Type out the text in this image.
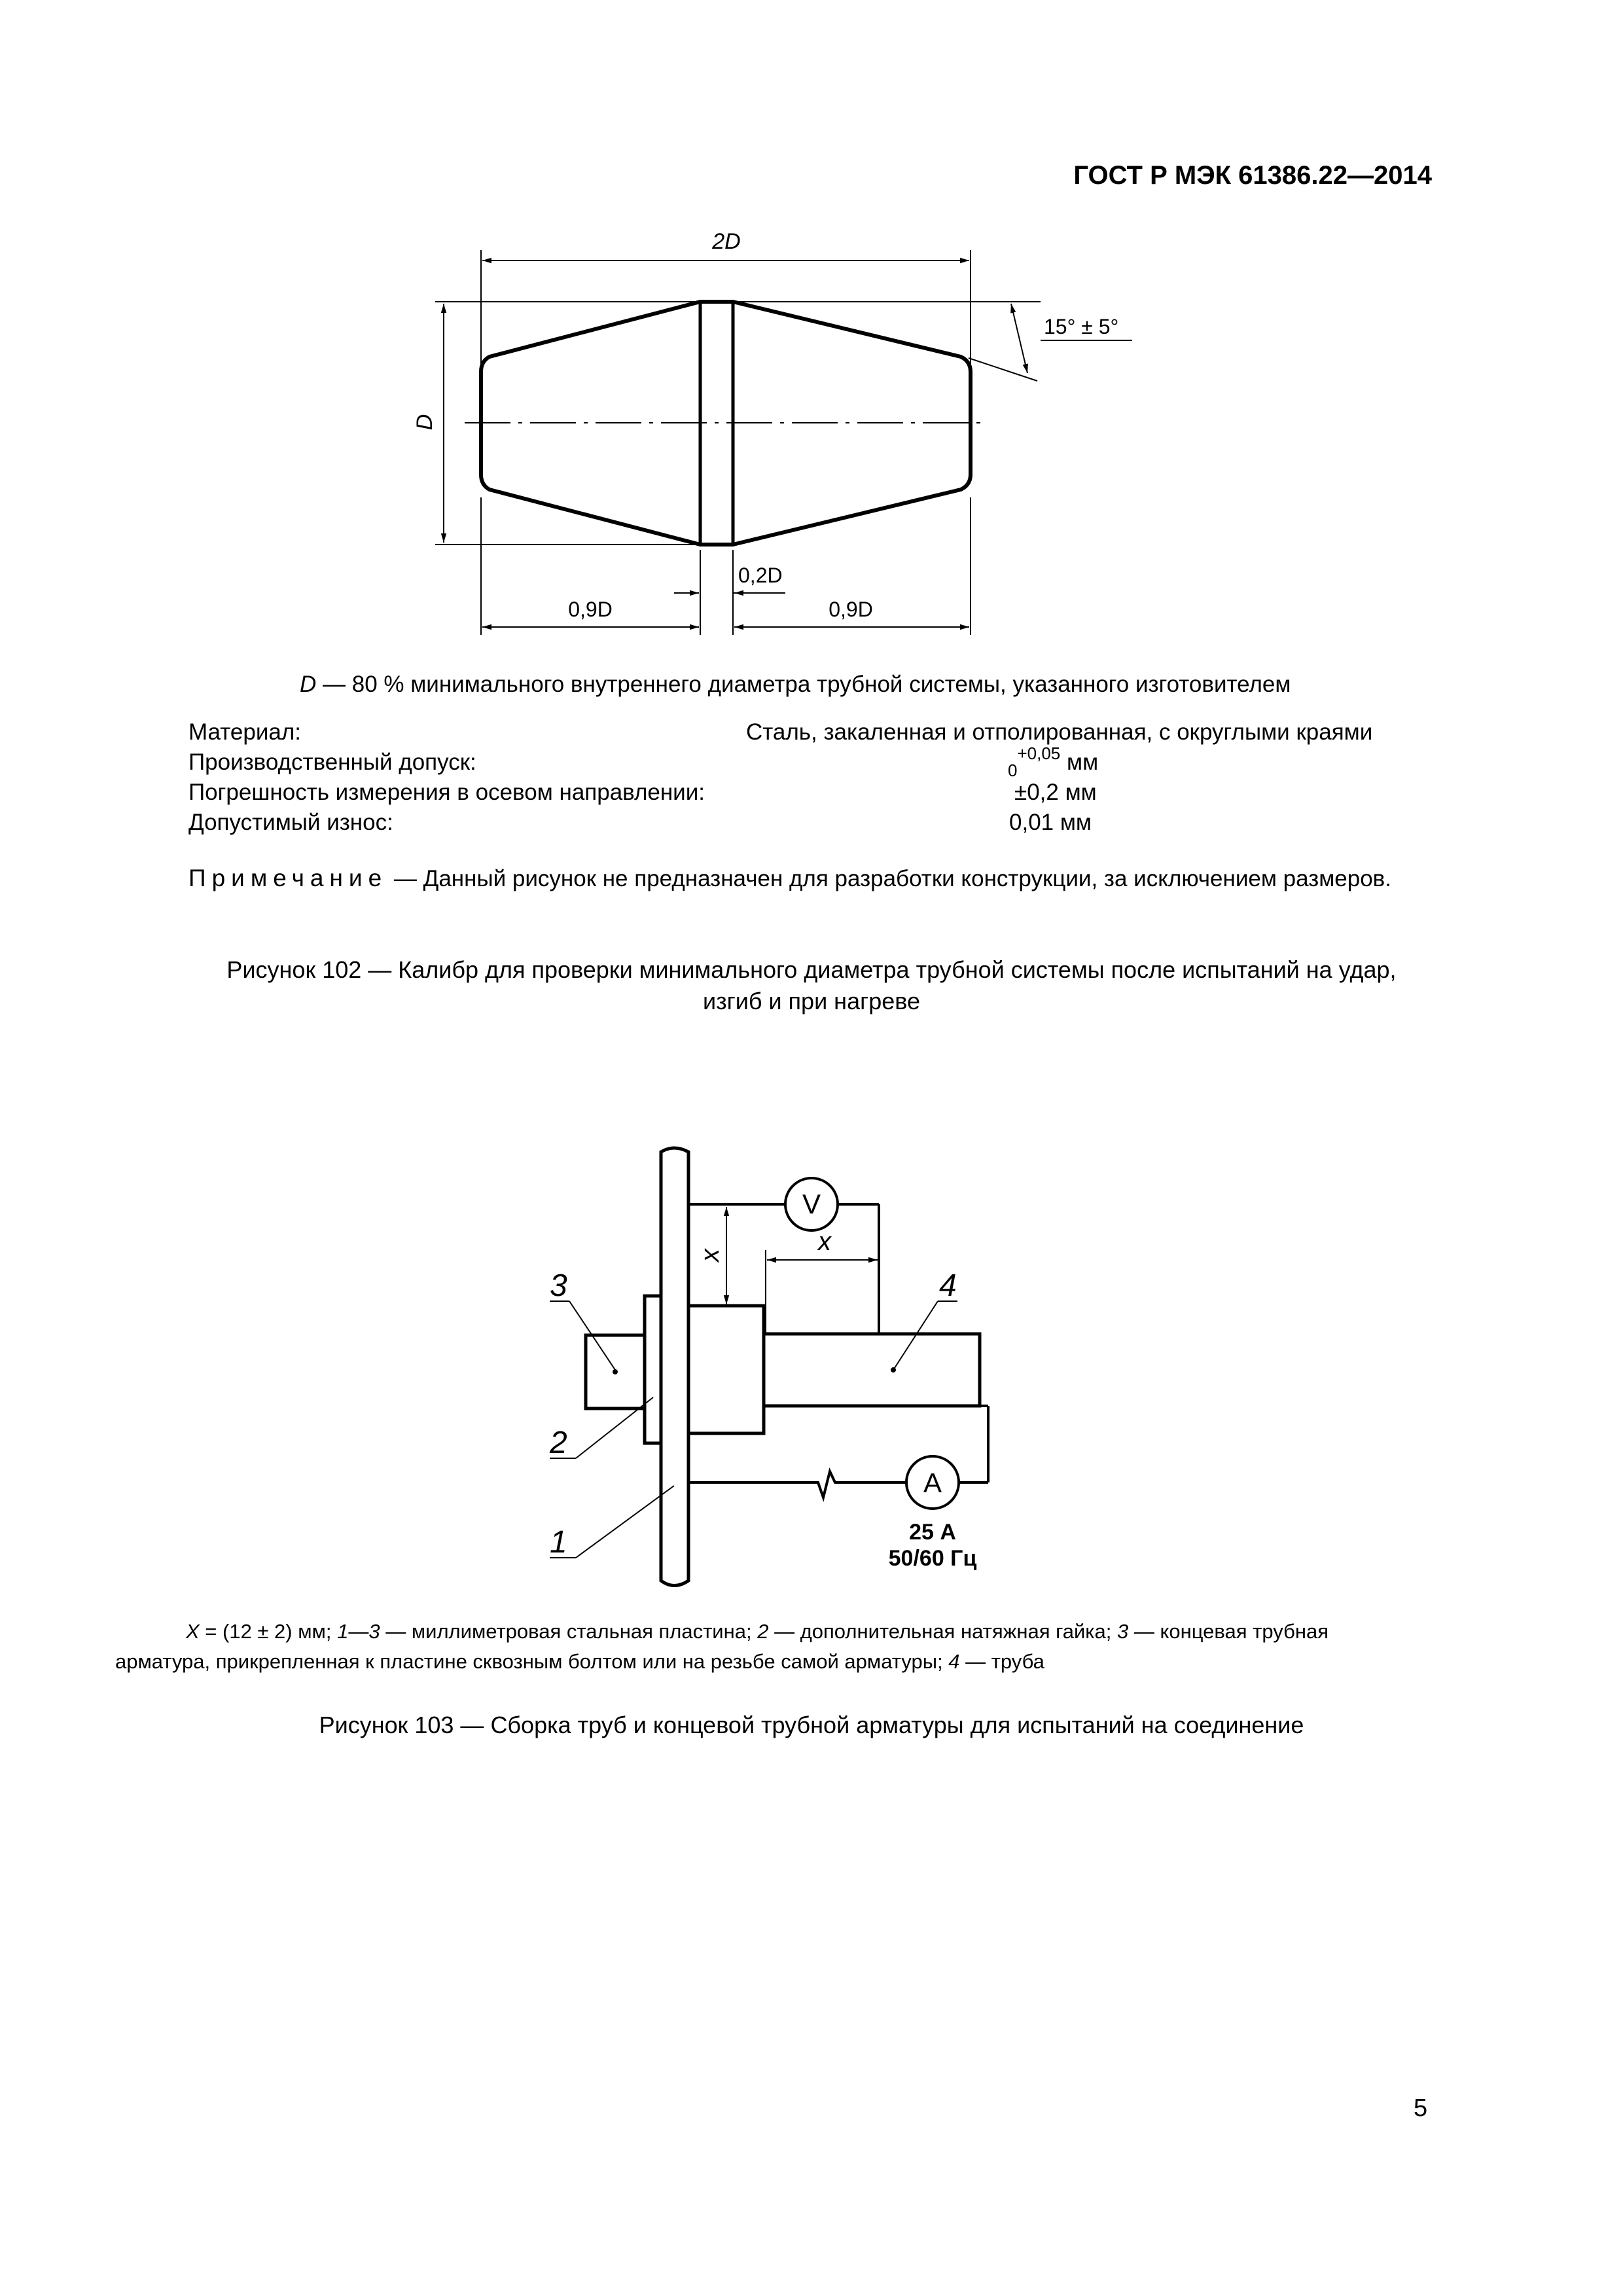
ГОСТ Р МЭК 61386.22—2014
2D
D
15° ± 5°
0,2D
0,9D	0,9D
D — 80 % минимального внутреннего диаметра трубной системы, указанного изготовителем
Материал:	Сталь, закаленная и отполированная, с округлыми краями
Производственный допуск:	$_0^{+0,05}$ мм
Погрешность измерения в осевом направлении:	±0,2 мм
Допустимый износ:	0,01 мм
Примечание — Данный рисунок не предназначен для разработки конструкции, за исключением размеров.
Рисунок 102 — Калибр для проверки минимального диаметра трубной системы после испытаний на удар,
изгиб и при нагреве
V
x	x
A
25 А
50/60 Гц
3
2
1
4
X = (12 ± 2) мм; 1—3 — миллиметровая стальная пластина; 2 — дополнительная натяжная гайка; 3 — концевая трубная
арматура, прикрепленная к пластине сквозным болтом или на резьбе самой арматуры; 4 — труба
Рисунок 103 — Сборка труб и концевой трубной арматуры для испытаний на соединение
5
